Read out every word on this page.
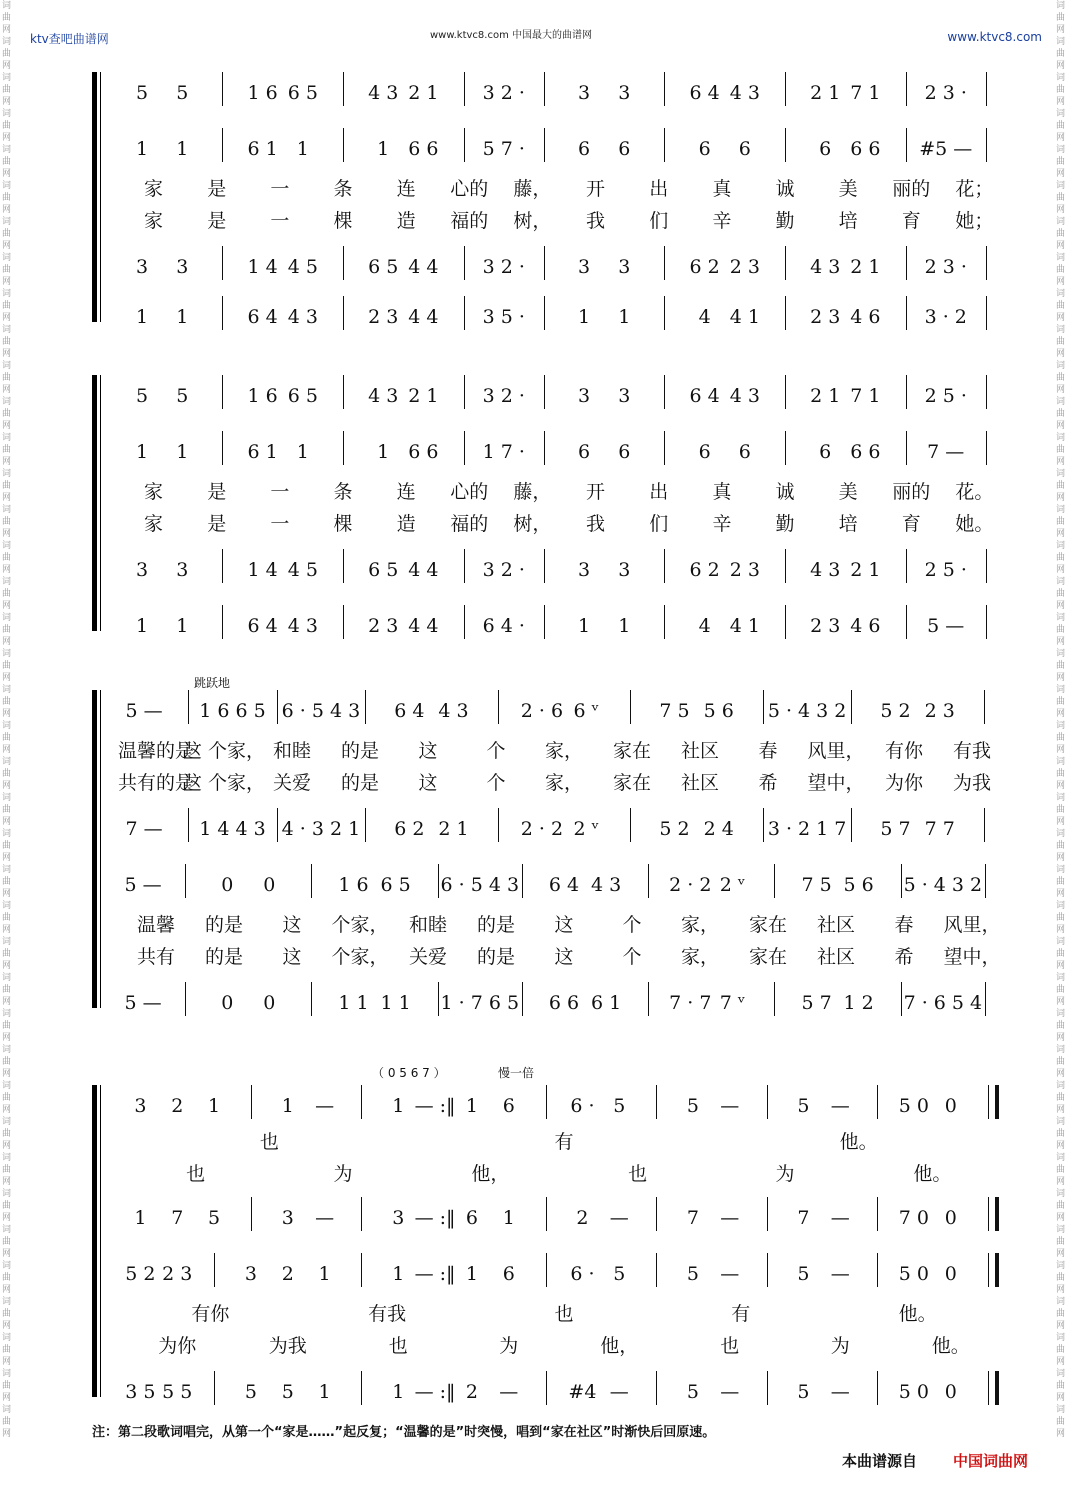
ktv查吧曲谱网	www.ktvc8.com 中国最大的曲谱网	www.ktvc8.com
词曲网词曲网词曲网词曲网词曲网词曲网词曲网词曲网词曲网词曲网词曲网词曲网词曲网词曲网词曲网词曲网词曲网词曲网词曲网词曲网词曲网词曲网词曲网词曲网词曲网词曲网词曲网词曲网词曲网词曲网词曲网词曲网词曲网词曲网词曲网词曲网词曲网词曲网词曲网词曲网
词曲网词曲网词曲网词曲网词曲网词曲网词曲网词曲网词曲网词曲网词曲网词曲网词曲网词曲网词曲网词曲网词曲网词曲网词曲网词曲网词曲网词曲网词曲网词曲网词曲网词曲网词曲网词曲网词曲网词曲网词曲网词曲网词曲网词曲网词曲网词曲网词曲网词曲网词曲网词曲网
跳跃地
（ 0 5 6 7 ）	慢一倍
5 5	1 6 6 5	4 3 2 1 3 2 ·	3 3	6 4 4 3	2 1 7 1 2 3 ·
1 1	6 1 1	1 6 6 5 7 ·	6 6	6 6	6 6 6 #5 —
家 是 一 条 连 心的 藤， 开 出 真 诚 美 丽的 花；
家 是 一 棵 造 福的 树， 我 们 辛 勤 培 育 她；
3 3	1 4 4 5	6 5 4 4 3 2 ·	3 3	6 2 2 3	4 3 2 1 2 3 ·
1 1	6 4 4 3	2 3 4 4 3 5 ·	1 1	4 4 1	2 3 4 6 3 · 2
5 5	1 6 6 5	4 3 2 1 3 2 ·	3 3	6 4 4 3	2 1 7 1 2 5 ·
1 1	6 1 1	1 6 6 1 7 ·	6 6	6 6	6 6 6 7 —
家 是 一 条 连 心的 藤， 开 出 真 诚 美 丽的 花。
家 是 一 棵 造 福的 树， 我 们 辛 勤 培 育 她。
3 3	1 4 4 5	6 5 4 4 3 2 ·	3 3	6 2 2 3	4 3 2 1 2 5 ·
1 1	6 4 4 3	2 3 4 4 6 4 ·	1 1	4 4 1	2 3 4 6 5 —
5 — 1 6 6 5 6 · 5 4 3 6 4 4 3	2 · 6 6 ᵛ	7 5 5 6 5 · 4 3 2 5 2 2 3
温馨的是
这 个家， 和睦 的是 这	个 家， 家在 社区 春 风里， 有你 有我
共有的是
这 个家， 关爱 的是 这	个 家， 家在 社区 希 望中， 为你 为我
7 — 1 4 4 3 4 · 3 2 1 6 2 2 1	2 · 2 2 ᵛ	5 2 2 4 3 · 2 1 7 5 7 7 7
5 —	0 0	1 6 6 5 6 · 5 4 3 6 4 4 3	2 · 2 2 ᵛ	7 5 5 6 5 · 4 3 2
温馨 的是 这 个家， 和睦 的是 这	个 家， 家在 社区 春 风里，
共有 的是 这 个家， 关爱 的是 这	个 家， 家在 社区 希 望中，
5 —	0 0	1 1 1 1 1 · 7 6 5 6 6 6 1	7 · 7 7 ᵛ	5 7 1 2 7 · 6 5 4
3 2 1	1 —	1 — :‖ 1 6	6 · 5	5 —	5 —	5 0 0
也	有	他。
也	为	他，	也	为	他。
1 7 5	3 —	3 — :‖ 6 1	2 —	7 —	7 —	7 0 0
5 2 2 3	3 2 1	1 — :‖ 1 6	6 · 5	5 —	5 —	5 0 0
有你	有我	也	有	他。
为你	为我	也	为	他，	也	为	他。
3 5 5 5	5 5 1	1 — :‖ 2 —	#4 —	5 —	5 —	5 0 0
注：第二段歌词唱完，从第一个“家是……”起反复；“温馨的是”时突慢，唱到“家在社区”时渐快后回原速。
本曲谱源自 中国词曲网
